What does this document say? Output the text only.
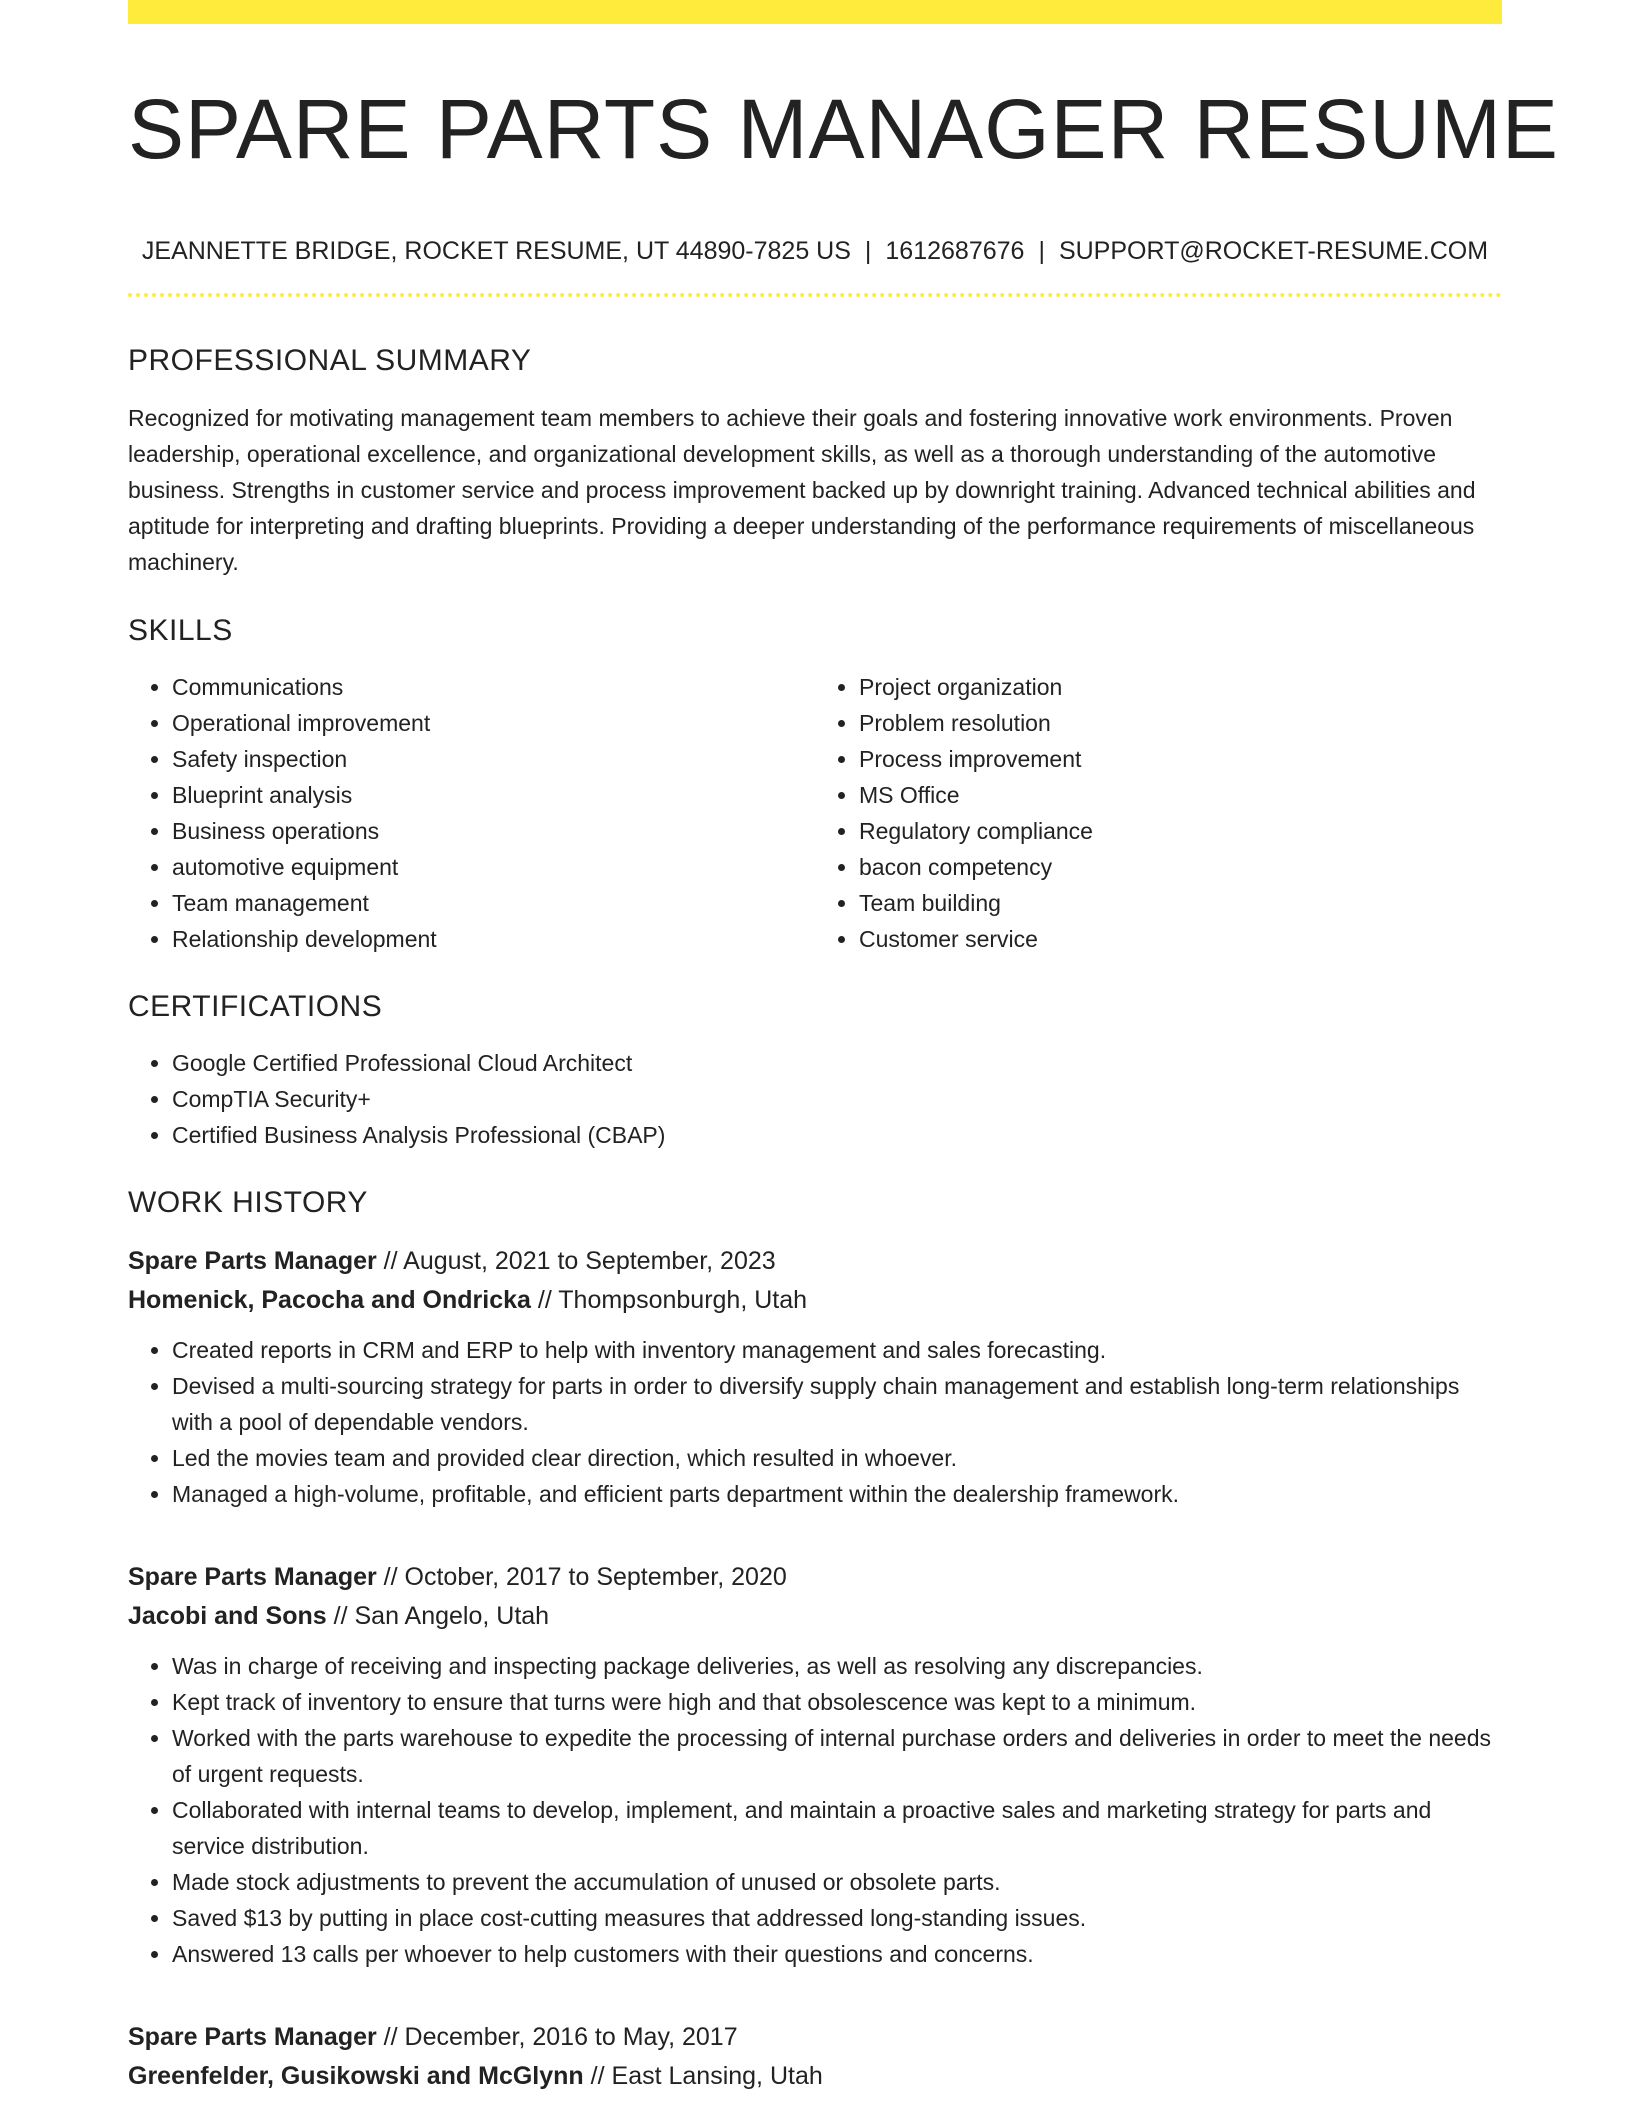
SPARE PARTS MANAGER RESUME
JEANNETTE BRIDGE, ROCKET RESUME, UT 44890-7825 US | 1612687676 | SUPPORT@ROCKET-RESUME.COM
PROFESSIONAL SUMMARY
Recognized for motivating management team members to achieve their goals and fostering innovative work environments. Proven leadership, operational excellence, and organizational development skills, as well as a thorough understanding of the automotive business. Strengths in customer service and process improvement backed up by downright training. Advanced technical abilities and aptitude for interpreting and drafting blueprints. Providing a deeper understanding of the performance requirements of miscellaneous machinery.
SKILLS
• Communications
• Operational improvement
• Safety inspection
• Blueprint analysis
• Business operations
• automotive equipment
• Team management
• Relationship development
• Project organization
• Problem resolution
• Process improvement
• MS Office
• Regulatory compliance
• bacon competency
• Team building
• Customer service
CERTIFICATIONS
• Google Certified Professional Cloud Architect
• CompTIA Security+
• Certified Business Analysis Professional (CBAP)
WORK HISTORY
Spare Parts Manager // August, 2021 to September, 2023
Homenick, Pacocha and Ondricka // Thompsonburgh, Utah
• Created reports in CRM and ERP to help with inventory management and sales forecasting.
• Devised a multi-sourcing strategy for parts in order to diversify supply chain management and establish long-term relationships with a pool of dependable vendors.
• Led the movies team and provided clear direction, which resulted in whoever.
• Managed a high-volume, profitable, and efficient parts department within the dealership framework.
Spare Parts Manager // October, 2017 to September, 2020
Jacobi and Sons // San Angelo, Utah
• Was in charge of receiving and inspecting package deliveries, as well as resolving any discrepancies.
• Kept track of inventory to ensure that turns were high and that obsolescence was kept to a minimum.
• Worked with the parts warehouse to expedite the processing of internal purchase orders and deliveries in order to meet the needs of urgent requests.
• Collaborated with internal teams to develop, implement, and maintain a proactive sales and marketing strategy for parts and service distribution.
• Made stock adjustments to prevent the accumulation of unused or obsolete parts.
• Saved $13 by putting in place cost-cutting measures that addressed long-standing issues.
• Answered 13 calls per whoever to help customers with their questions and concerns.
Spare Parts Manager // December, 2016 to May, 2017
Greenfelder, Gusikowski and McGlynn // East Lansing, Utah
